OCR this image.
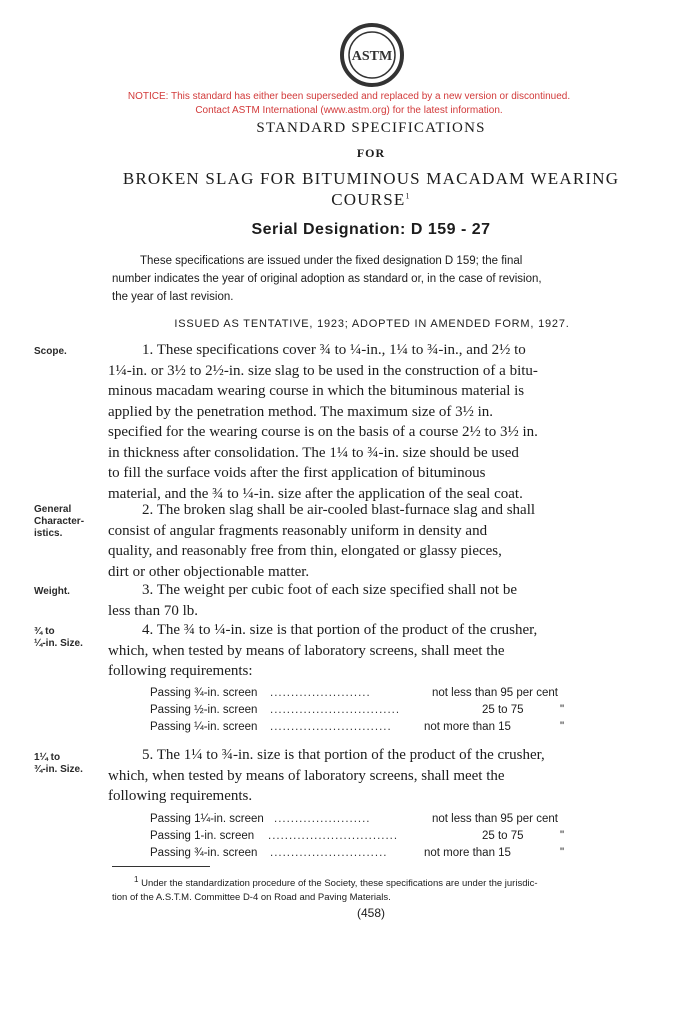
ASTM
NOTICE: This standard has either been superseded and replaced by a new version or discontinued.
Contact ASTM International (www.astm.org) for the latest information.
STANDARD SPECIFICATIONS
FOR
BROKEN SLAG FOR BITUMINOUS MACADAM WEARING
COURSE$^1$
Serial Designation: D 159 - 27
These specifications are issued under the fixed designation D 159; the final
number indicates the year of original adoption as standard or, in the case of revision,
the year of last revision.
ISSUED AS TENTATIVE, 1923; ADOPTED IN AMENDED FORM, 1927.
Scope.	1. These specifications cover ¾ to ¼-in., 1¼ to ¾-in., and 2½ to
1¼-in. or 3½ to 2½-in. size slag to be used in the construction of a bitu-
minous macadam wearing course in which the bituminous material is
applied by the penetration method. The maximum size of 3½ in.
specified for the wearing course is on the basis of a course 2½ to 3½ in.
in thickness after consolidation. The 1¼ to ¾-in. size should be used
to fill the surface voids after the first application of bituminous
material, and the ¾ to ¼-in. size after the application of the seal coat.
General
Character-
istics.
2. The broken slag shall be air-cooled blast-furnace slag and shall
consist of angular fragments reasonably uniform in density and
quality, and reasonably free from thin, elongated or glassy pieces,
dirt or other objectionable matter.
Weight.	3. The weight per cubic foot of each size specified shall not be
less than 70 lb.
¾ to
¼-in. Size.
4. The ¾ to ¼-in. size is that portion of the product of the crusher,
which, when tested by means of laboratory screens, shall meet the
following requirements:
Passing ¾-in. screen ........................	not less than 95 per cent
Passing ½-in. screen ...............................	25 to 75	"
Passing ¼-in. screen .............................	not more than 15	"
1¼ to
¾-in. Size.
5. The 1¼ to ¾-in. size is that portion of the product of the crusher,
which, when tested by means of laboratory screens, shall meet the
following requirements.
Passing 1¼-in. screen .......................	not less than 95 per cent
Passing 1-in. screen ...............................	25 to 75	"
Passing ¾-in. screen ............................	not more than 15	"
$^1$ Under the standardization procedure of the Society, these specifications are under the jurisdic-
tion of the A.S.T.M. Committee D-4 on Road and Paving Materials.
(458)
